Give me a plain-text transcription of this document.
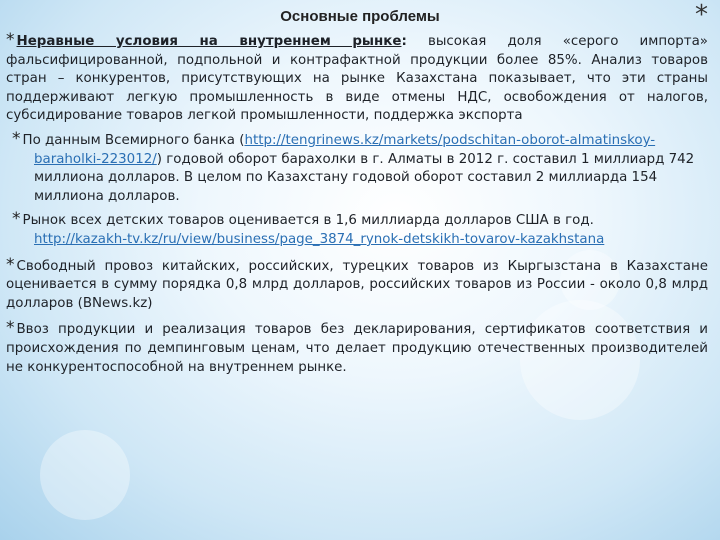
Основные проблемы	*
* Неравные условия на внутреннем рынке: высокая доля «серого импорта» фальсифицированной, подпольной и контрафактной продукции более 85%. Анализ товаров стран – конкурентов, присутствующих на рынке Казахстана показывает, что эти страны поддерживают легкую промышленность в виде отмены НДС, освобождения от налогов, субсидирование товаров легкой промышленности, поддержка экспорта
* По данным Всемирного банка (http://tengrinews.kz/markets/podschitan-oborot-almatinskoy-baraholki-223012/) годовой оборот барахолки в г. Алматы в 2012 г. составил 1 миллиард 742 миллиона долларов. В целом по Казахстану годовой оборот составил 2 миллиарда 154 миллиона долларов.
* Рынок всех детских товаров оценивается в 1,6 миллиарда долларов США в год.
http://kazakh-tv.kz/ru/view/business/page_3874_rynok-detskikh-tovarov-kazakhstana
* Свободный провоз китайских, российских, турецких товаров из Кыргызстана в Казахстане оценивается в сумму порядка 0,8 млрд долларов, российских товаров из России - около 0,8 млрд долларов (BNews.kz)
* Ввоз продукции и реализация товаров без декларирования, сертификатов соответствия и происхождения по демпинговым ценам, что делает продукцию отечественных производителей не конкурентоспособной на внутреннем рынке.
